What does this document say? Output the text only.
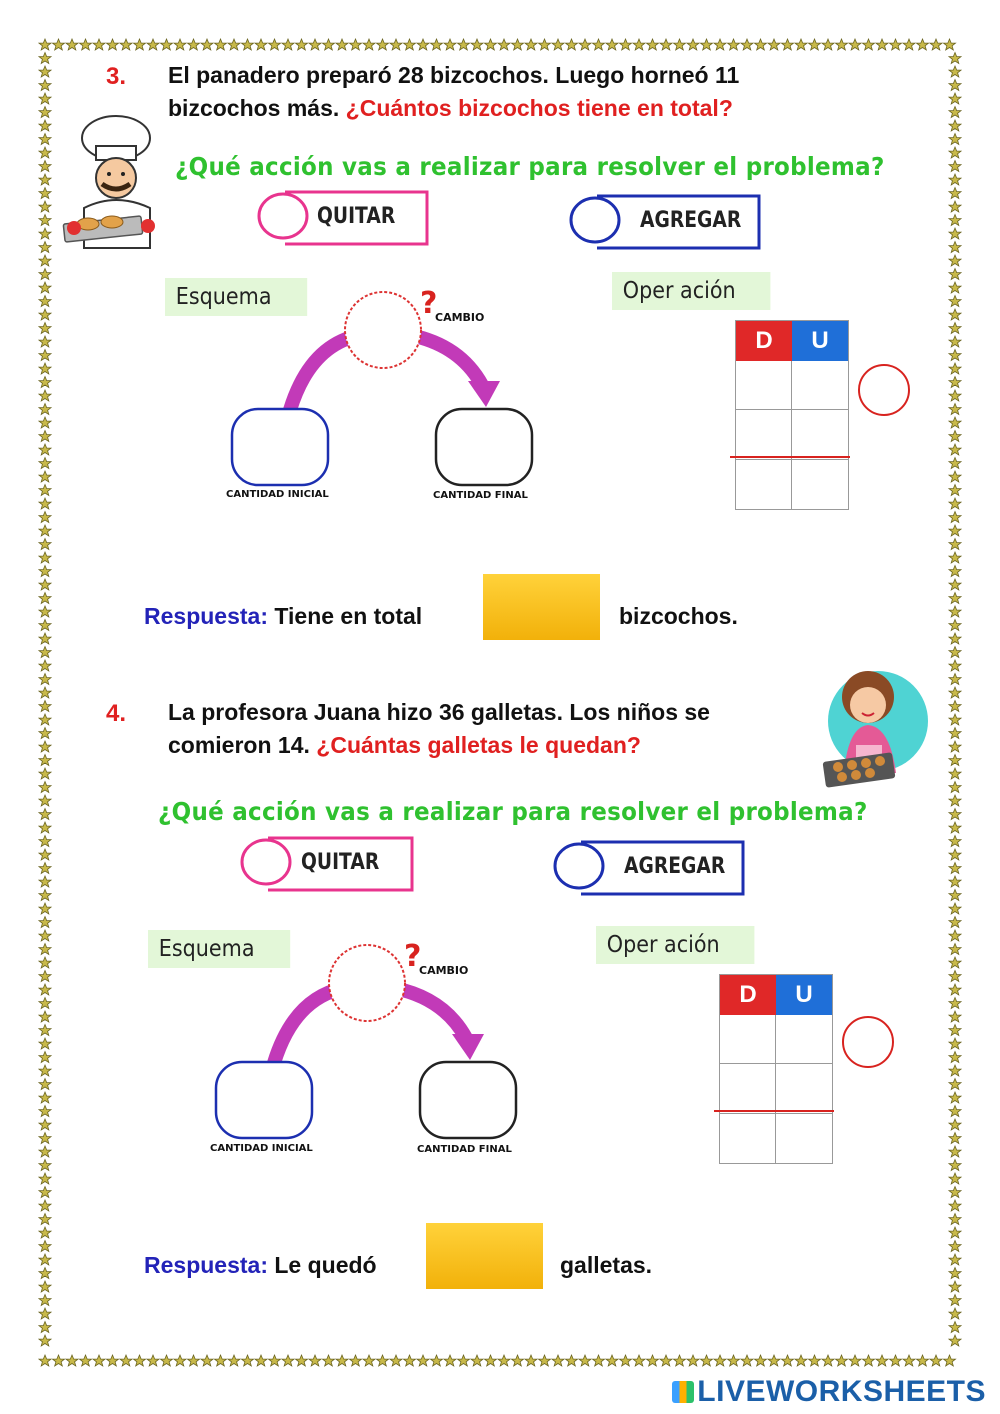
3. El panadero preparó 28 bizcochos. Luego horneó 11
bizcochos más. ¿Cuántos bizcochos tiene en total?
¿Qué acción vas a realizar para resolver el problema?
QUITAR	AGREGAR
Esquema	?
CAMBIO
CANTIDAD INICIAL	CANTIDAD FINAL
Oper ación
D	U
Respuesta: Tiene en total	bizcochos.
4. La profesora Juana hizo 36 galletas. Los niños se
comieron 14. ¿Cuántas galletas le quedan?
¿Qué acción vas a realizar para resolver el problema?
QUITAR	AGREGAR
Esquema	?
CAMBIO
CANTIDAD INICIAL	CANTIDAD FINAL
Oper ación
D	U
Respuesta: Le quedó	galletas.
LIVEWORKSHEETS
